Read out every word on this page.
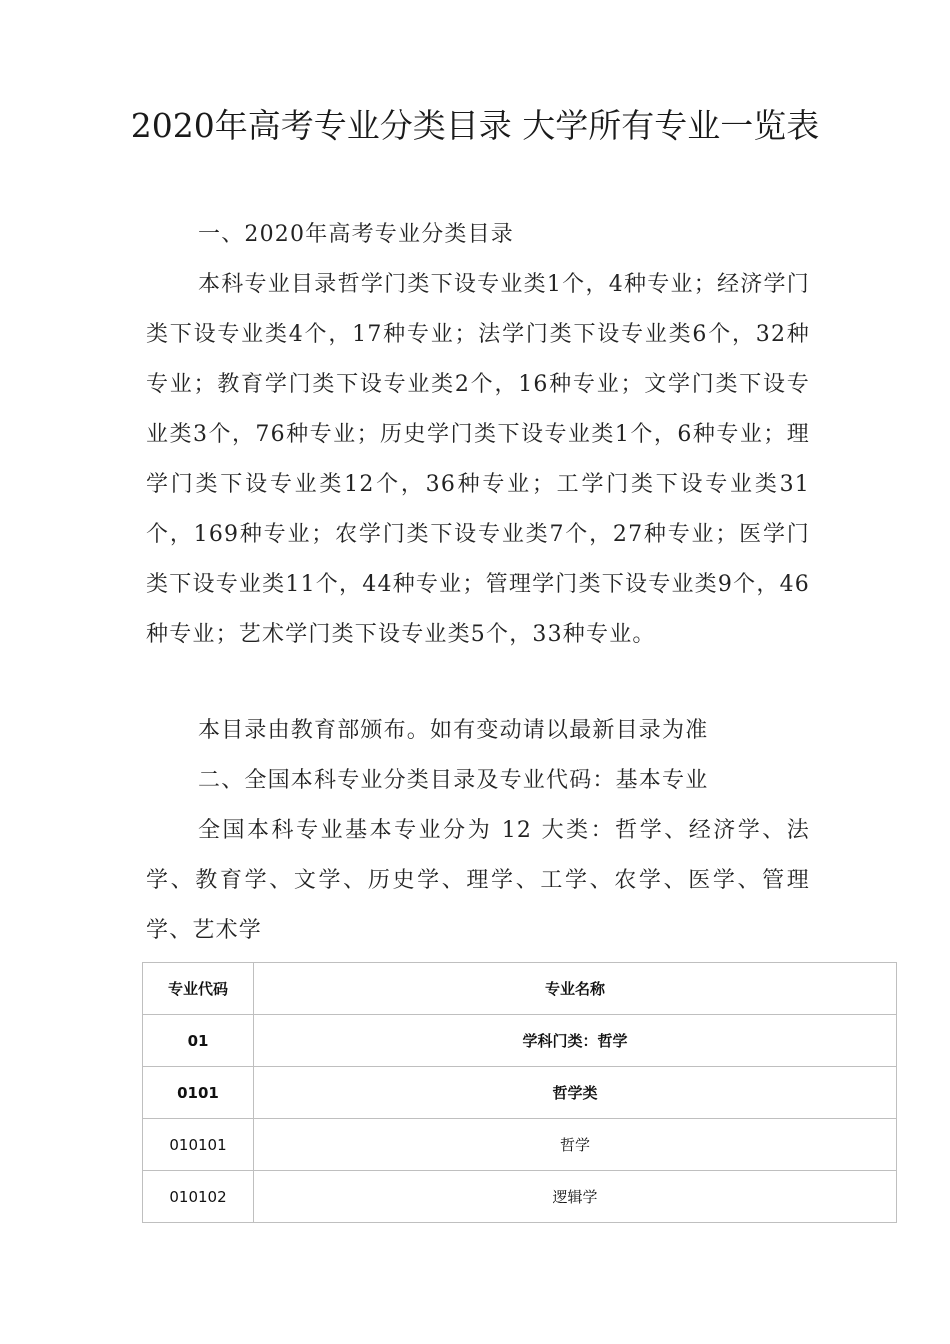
2020年高考专业分类目录 大学所有专业一览表

一、2020年高考专业分类目录

本科专业目录哲学门类下设专业类1个，4种专业；经济学门类下设专业类4个，17种专业；法学门类下设专业类6个，32种专业；教育学门类下设专业类2个，16种专业；文学门类下设专业类3个，76种专业；历史学门类下设专业类1个，6种专业；理学门类下设专业类12个，36种专业；工学门类下设专业类31个，169种专业；农学门类下设专业类7个，27种专业；医学门类下设专业类11个，44种专业；管理学门类下设专业类9个，46种专业；艺术学门类下设专业类5个，33种专业。

本目录由教育部颁布。如有变动请以最新目录为准

二、全国本科专业分类目录及专业代码：基本专业

全国本科专业基本专业分为 12 大类：哲学、经济学、法学、教育学、文学、历史学、理学、工学、农学、医学、管理学、艺术学

专业代码	专业名称
01	学科门类：哲学
0101	哲学类
010101	哲学
010102	逻辑学
